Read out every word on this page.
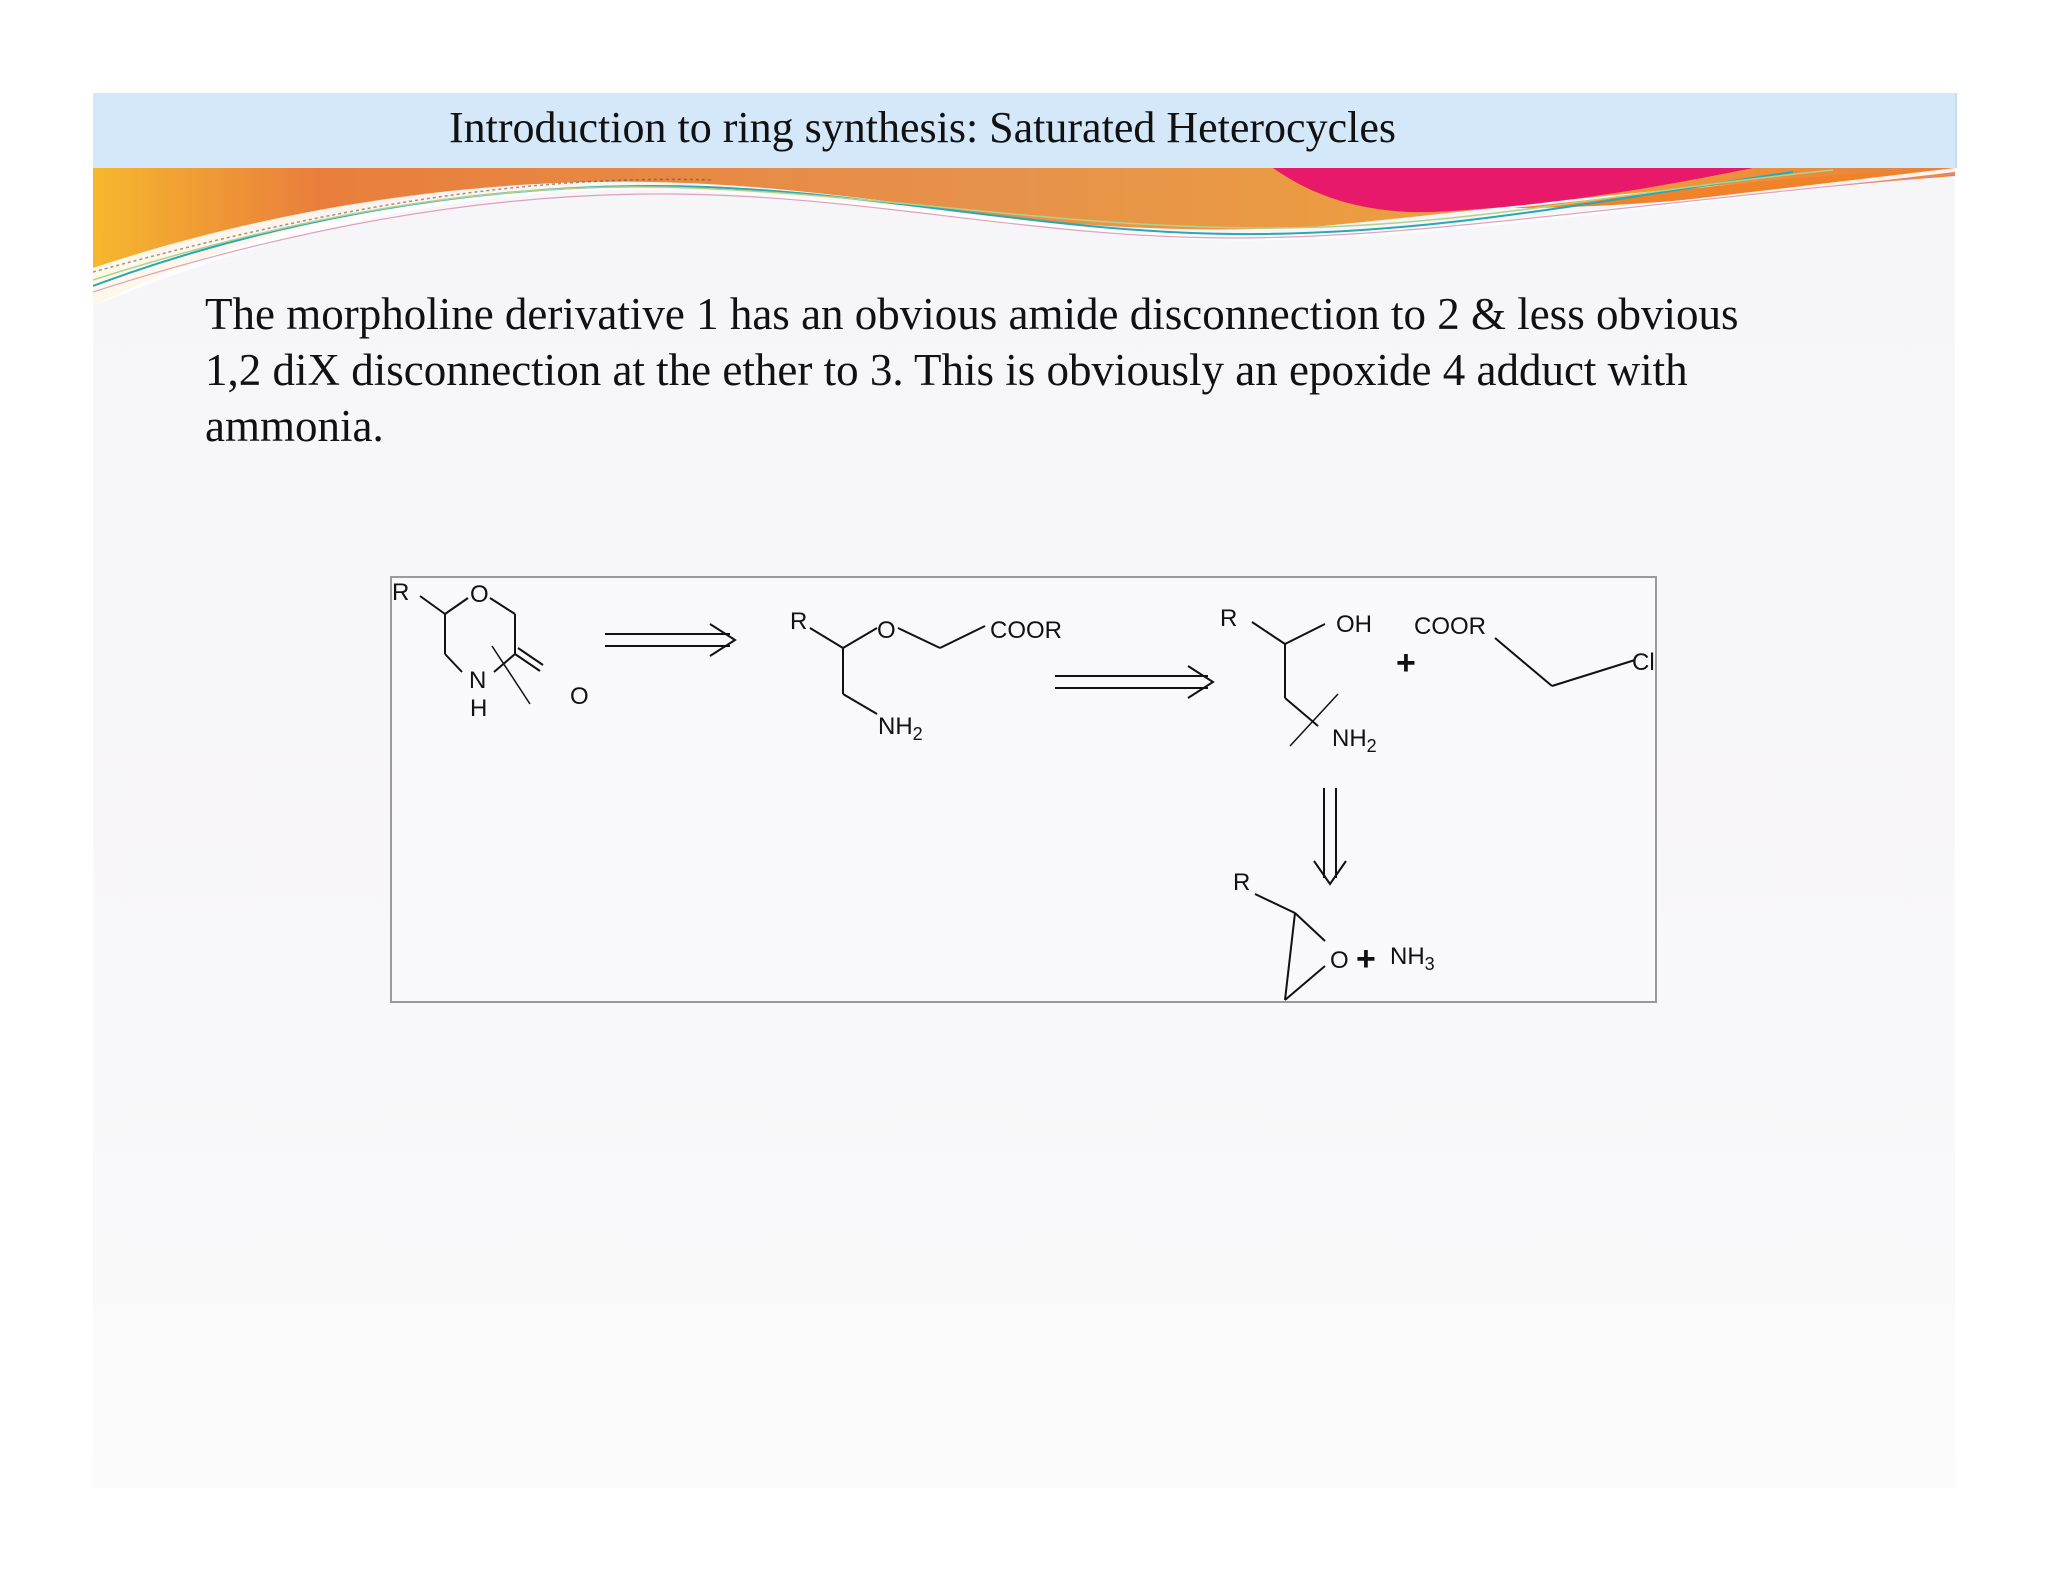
Introduction to ring synthesis: Saturated Heterocycles
The morpholine derivative 1 has an obvious amide disconnection to 2 & less obvious
1,2 diX disconnection at the ether to 3. This is obviously an epoxide 4 adduct with
ammonia.
R	O
N
H	O
R	O	COOR
$NH_2$
R	OH
$NH_2$
+
COOR
Cl
R
$O + NH_3$
